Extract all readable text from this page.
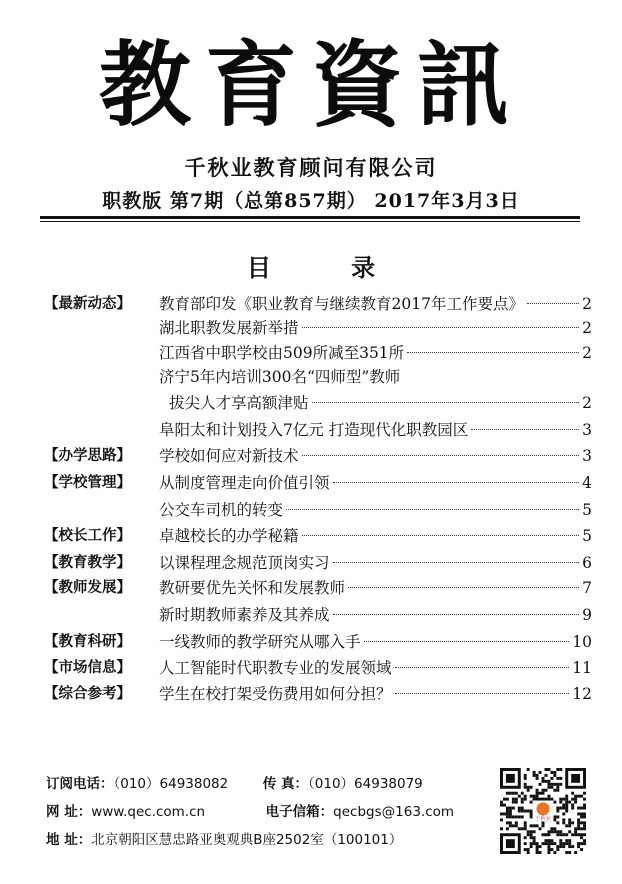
教育資訊
千秋业教育顾问有限公司
职教版 第7期（总第857期） 2017年3月3日
目 录
【最新动态】 教育部印发《职业教育与继续教育2017年工作要点》	2
湖北职教发展新举措	2
江西省中职学校由509所减至351所	2
济宁5年内培训300名“四师型”教师
拔尖人才享高额津贴	2
阜阳太和计划投入7亿元 打造现代化职教园区	3
【办学思路】 学校如何应对新技术	3
【学校管理】 从制度管理走向价值引领	4
公交车司机的转变	5
【校长工作】 卓越校长的办学秘籍	5
【教育教学】 以课程理念规范顶岗实习	6
【教师发展】 教研要优先关怀和发展教师	7
新时期教师素养及其养成	9
【教育科研】 一线教师的教学研究从哪入手	10
【市场信息】 人工智能时代职教专业的发展领域	11
【综合参考】 学生在校打架受伤费用如何分担？	12
订阅电话：（010）64938082	传 真：（010）64938079
网 址：www.qec.com.cn	电子信箱：qecbgs@163.com
地 址：北京朝阳区慧忠路亚奥观典B座2502室（100101）
千秋业
